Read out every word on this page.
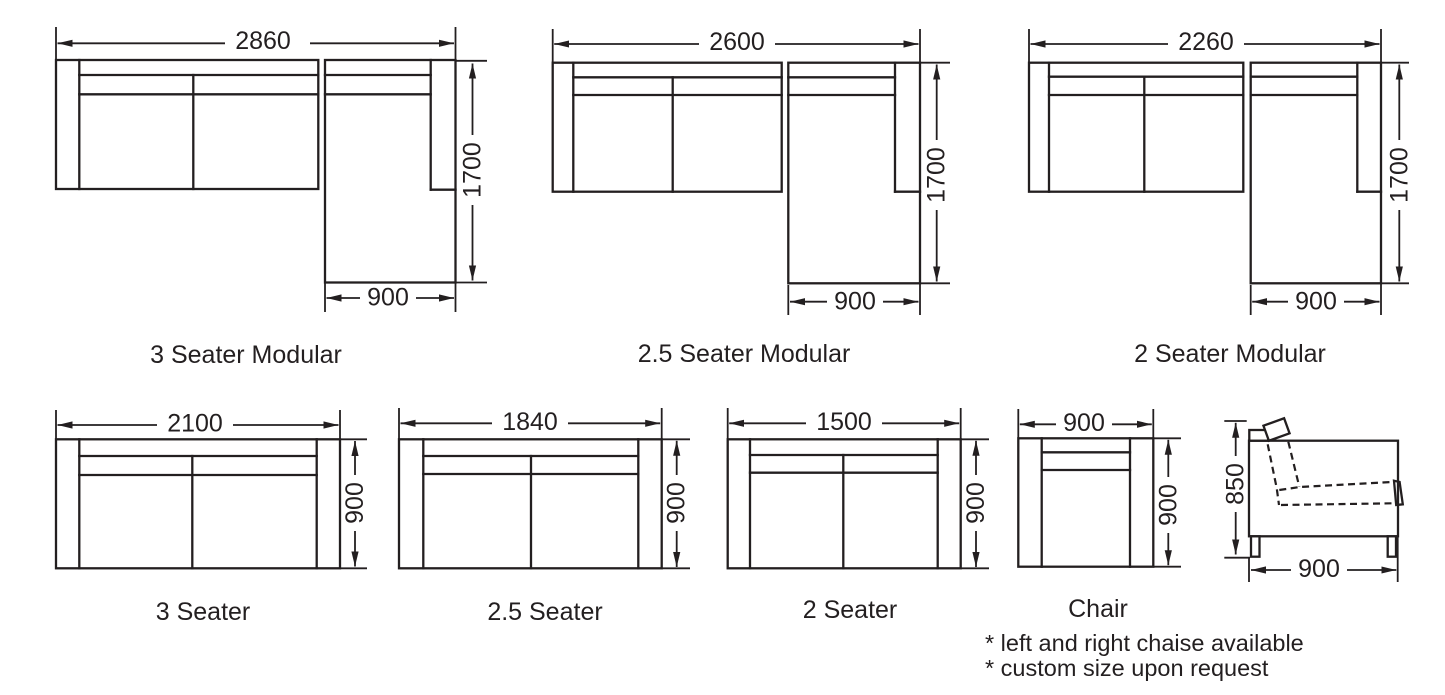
2860
1700
900
3 Seater Modular
2600
1700
900
2.5 Seater Modular
2260
1700
900
2 Seater Modular
2100
900
3 Seater
1840
900
2.5 Seater
1500
900
2 Seater
900
900
Chair
850
900
* left and right chaise available
* custom size upon request
